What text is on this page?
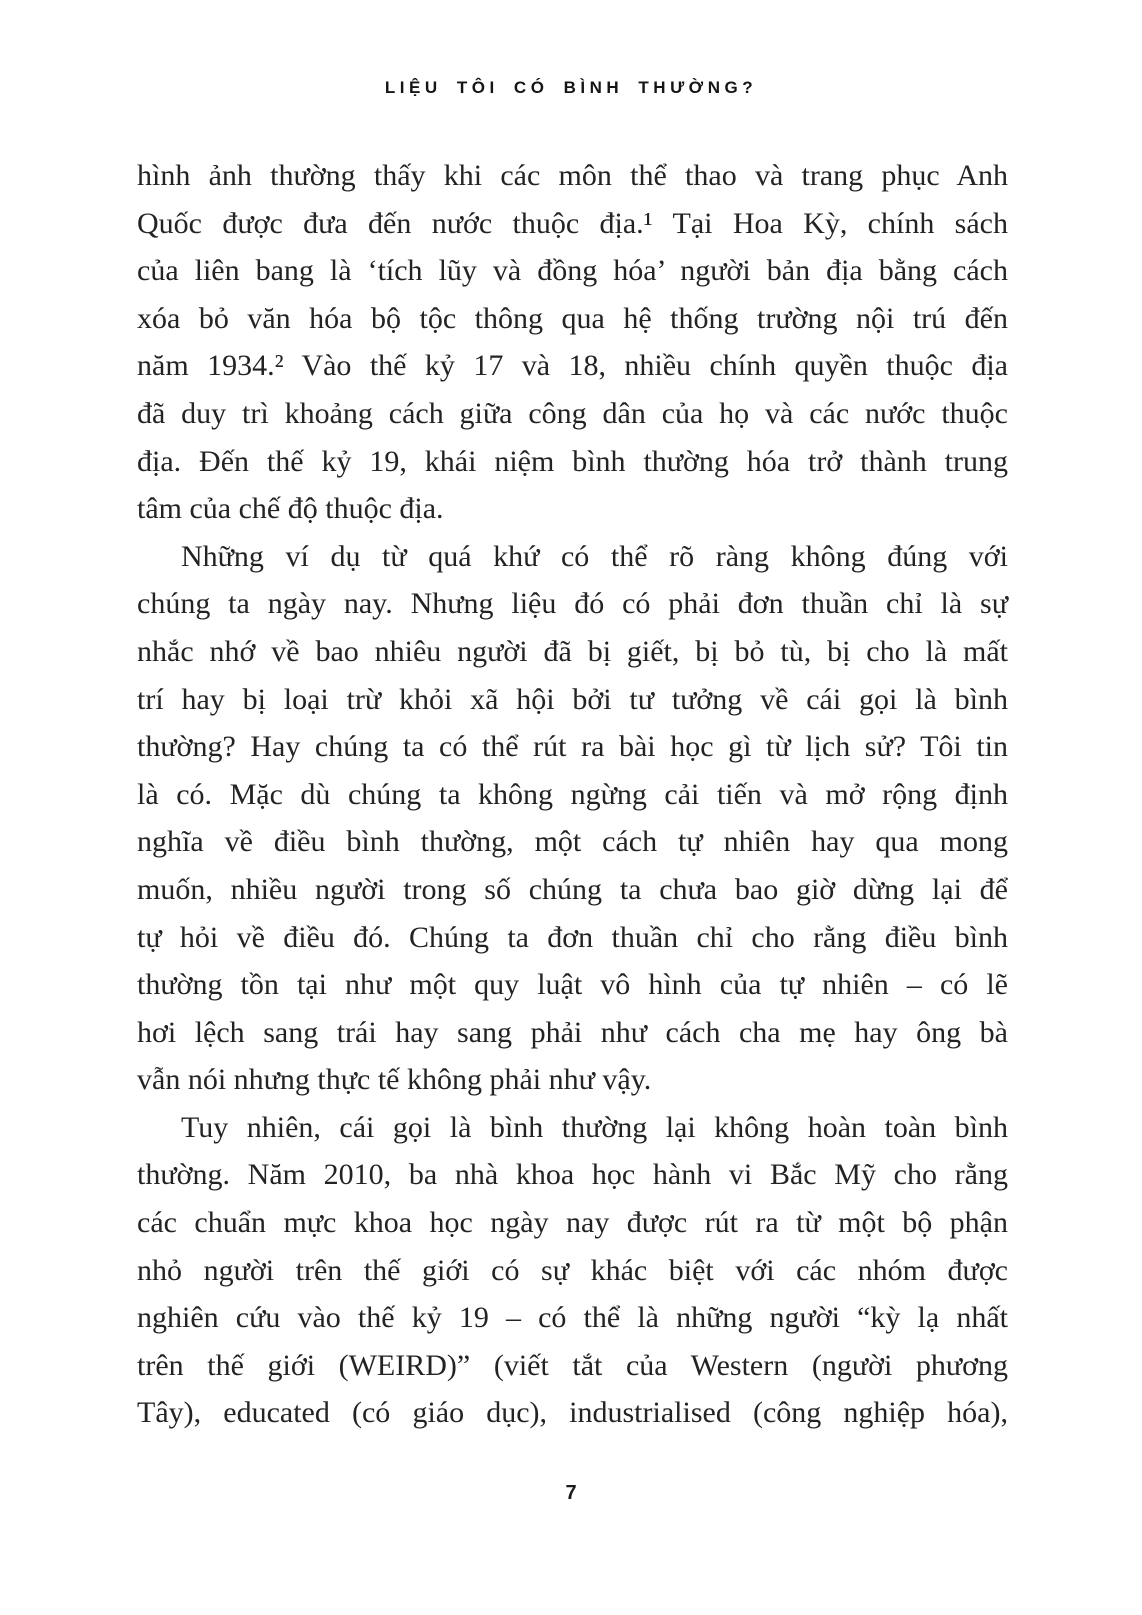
LIỆU TÔI CÓ BÌNH THƯỜNG?
hình ảnh thường thấy khi các môn thể thao và trang phục Anh
Quốc được đưa đến nước thuộc địa.¹ Tại Hoa Kỳ, chính sách
của liên bang là ‘tích lũy và đồng hóa’ người bản địa bằng cách
xóa bỏ văn hóa bộ tộc thông qua hệ thống trường nội trú đến
năm 1934.² Vào thế kỷ 17 và 18, nhiều chính quyền thuộc địa
đã duy trì khoảng cách giữa công dân của họ và các nước thuộc
địa. Đến thế kỷ 19, khái niệm bình thường hóa trở thành trung
tâm của chế độ thuộc địa.
Những ví dụ từ quá khứ có thể rõ ràng không đúng với
chúng ta ngày nay. Nhưng liệu đó có phải đơn thuần chỉ là sự
nhắc nhớ về bao nhiêu người đã bị giết, bị bỏ tù, bị cho là mất
trí hay bị loại trừ khỏi xã hội bởi tư tưởng về cái gọi là bình
thường? Hay chúng ta có thể rút ra bài học gì từ lịch sử? Tôi tin
là có. Mặc dù chúng ta không ngừng cải tiến và mở rộng định
nghĩa về điều bình thường, một cách tự nhiên hay qua mong
muốn, nhiều người trong số chúng ta chưa bao giờ dừng lại để
tự hỏi về điều đó. Chúng ta đơn thuần chỉ cho rằng điều bình
thường tồn tại như một quy luật vô hình của tự nhiên – có lẽ
hơi lệch sang trái hay sang phải như cách cha mẹ hay ông bà
vẫn nói nhưng thực tế không phải như vậy.
Tuy nhiên, cái gọi là bình thường lại không hoàn toàn bình
thường. Năm 2010, ba nhà khoa học hành vi Bắc Mỹ cho rằng
các chuẩn mực khoa học ngày nay được rút ra từ một bộ phận
nhỏ người trên thế giới có sự khác biệt với các nhóm được
nghiên cứu vào thế kỷ 19 – có thể là những người “kỳ lạ nhất
trên thế giới (WEIRD)” (viết tắt của Western (người phương
Tây), educated (có giáo dục), industrialised (công nghiệp hóa),
7
